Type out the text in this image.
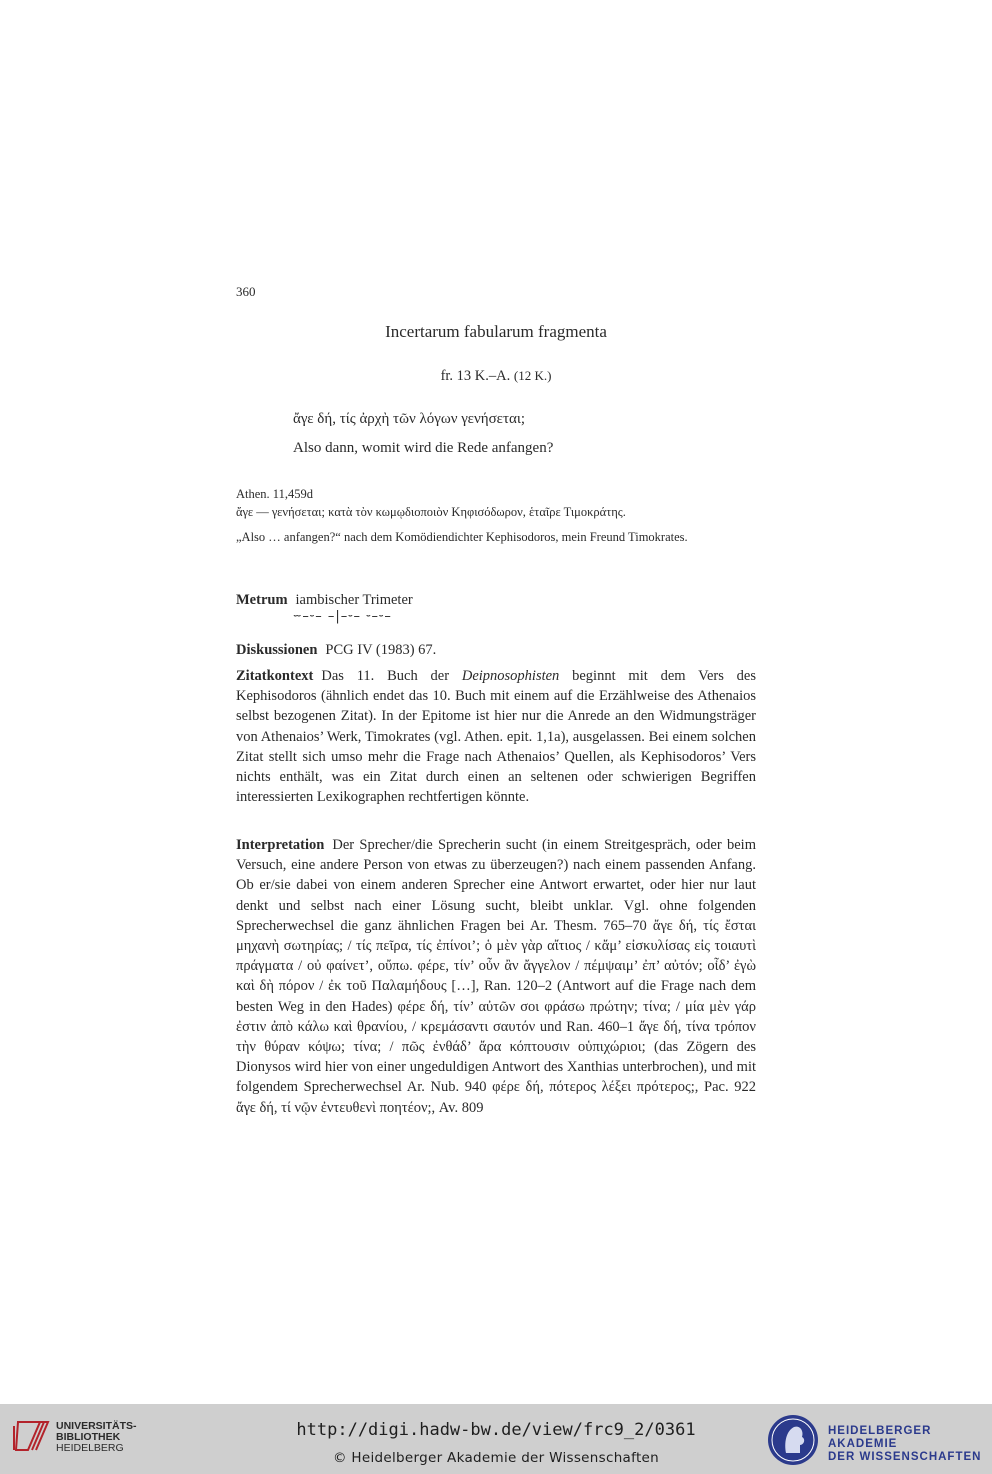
360
Incertarum fabularum fragmenta
fr. 13 K.–A. (12 K.)
ἄγε δή, τίς ἀρχὴ τῶν λόγων γενήσεται;
Also dann, womit wird die Rede anfangen?
Athen. 11,459d
ἄγε — γενήσεται; κατὰ τὸν κωμῳδιοποιὸν Κηφισόδωρον, ἑταῖρε Τιμοκράτης.
„Also … anfangen?“ nach dem Komödiendichter Kephisodoros, mein Freund Timokrates.
Metrum iambischer Trimeter
⏖–⏑– –|–⏑– ⏑–⏑–
Diskussionen PCG IV (1983) 67.
Zitatkontext Das 11. Buch der Deipnosophisten beginnt mit dem Vers des Kephisodoros (ähnlich endet das 10. Buch mit einem auf die Erzählweise des Athenaios selbst bezogenen Zitat). In der Epitome ist hier nur die Anrede an den Widmungsträger von Athenaios’ Werk, Timokrates (vgl. Athen. epit. 1,1a), ausgelassen. Bei einem solchen Zitat stellt sich umso mehr die Frage nach Athenaios’ Quellen, als Kephisodoros’ Vers nichts enthält, was ein Zitat durch einen an seltenen oder schwierigen Begriffen interessierten Lexikographen rechtfertigen könnte.
Interpretation Der Sprecher/die Sprecherin sucht (in einem Streitgespräch, oder beim Versuch, eine andere Person von etwas zu überzeugen?) nach einem passenden Anfang. Ob er/sie dabei von einem anderen Sprecher eine Antwort erwartet, oder hier nur laut denkt und selbst nach einer Lösung sucht, bleibt unklar. Vgl. ohne folgenden Sprecherwechsel die ganz ähnlichen Fragen bei Ar. Thesm. 765–70 ἄγε δή, τίς ἔσται μηχανὴ σωτηρίας; / τίς πεῖρα, τίς ἐπίνοι’; ὁ μὲν γὰρ αἴτιος / κἄμ’ εἰσκυλίσας εἰς τοιαυτὶ πράγματα / οὐ φαίνετ’, οὔπω. φέρε, τίν’ οὖν ἂν ἄγγελον / πέμψαιμ’ ἐπ’ αὐτόν; οἶδ’ ἐγὼ καὶ δὴ πόρον / ἐκ τοῦ Παλαμήδους […], Ran. 120–2 (Antwort auf die Frage nach dem besten Weg in den Hades) φέρε δή, τίν’ αὐτῶν σοι φράσω πρώτην; τίνα; / μία μὲν γάρ ἐστιν ἀπὸ κάλω καὶ θρανίου, / κρεμάσαντι σαυτόν und Ran. 460–1 ἄγε δή, τίνα τρόπον τὴν θύραν κόψω; τίνα; / πῶς ἐνθάδ’ ἄρα κόπτουσιν οὑπιχώριοι; (das Zögern des Dionysos wird hier von einer ungeduldigen Antwort des Xanthias unterbrochen), und mit folgendem Sprecherwechsel Ar. Nub. 940 φέρε δή, πότερος λέξει πρότερος;, Pac. 922 ἄγε δή, τί νῷν ἐντευθενὶ ποητέον;, Av. 809
UNIVERSITÄTS-
BIBLIOTHEK
HEIDELBERG
http://digi.hadw-bw.de/view/frc9_2/0361
© Heidelberger Akademie der Wissenschaften
HEIDELBERGER AKADEMIE
DER WISSENSCHAFTEN
